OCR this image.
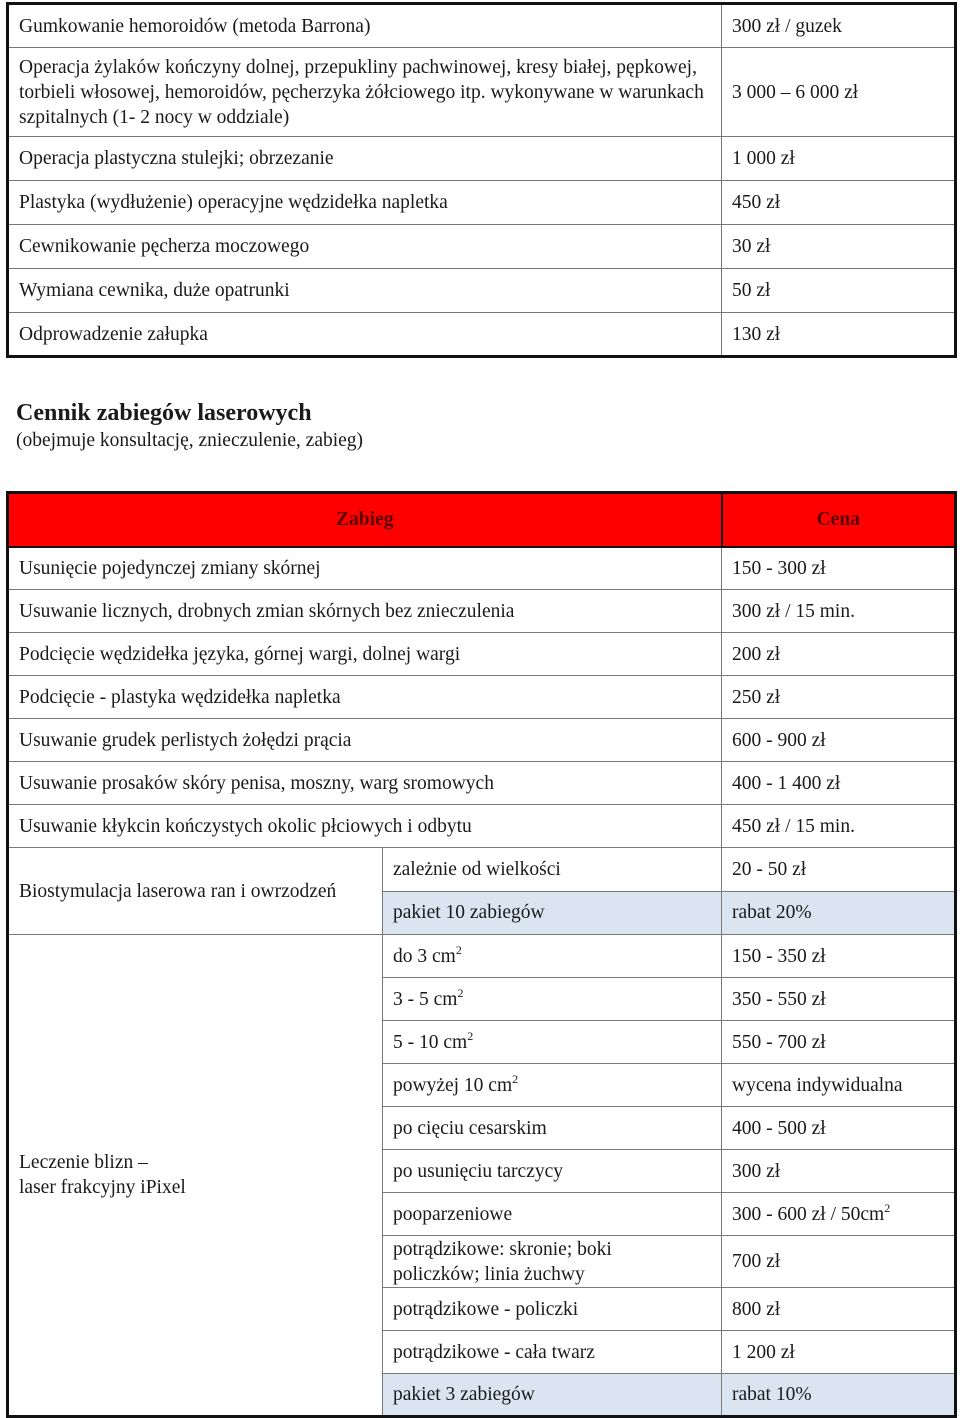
Gumkowanie hemoroidów (metoda Barrona)	300 zł / guzek
Operacja żylaków kończyny dolnej, przepukliny pachwinowej, kresy białej, pępkowej, torbieli włosowej, hemoroidów, pęcherzyka żółciowego itp. wykonywane w warunkach szpitalnych (1- 2 nocy w oddziale)	3 000 – 6 000 zł
Operacja plastyczna stulejki; obrzezanie	1 000 zł
Plastyka (wydłużenie) operacyjne wędzidełka napletka	450 zł
Cewnikowanie pęcherza moczowego	30 zł
Wymiana cewnika, duże opatrunki	50 zł
Odprowadzenie załupka	130 zł
Cennik zabiegów laserowych

(obejmuje konsultację, znieczulenie, zabieg)

Zabieg		Cena
Usunięcie pojedynczej zmiany skórnej		150 - 300 zł
Usuwanie licznych, drobnych zmian skórnych bez znieczulenia		300 zł / 15 min.
Podcięcie wędzidełka języka, górnej wargi, dolnej wargi		200 zł
Podcięcie - plastyka wędzidełka napletka		250 zł
Usuwanie grudek perlistych żołędzi prącia		600 - 900 zł
Usuwanie prosaków skóry penisa, moszny, warg sromowych		400 - 1 400 zł
Usuwanie kłykcin kończystych okolic płciowych i odbytu		450 zł / 15 min.

Biostymulacja laserowa ran i owrzodzeń	zależnie od wielkości	20 - 50 zł
	pakiet 10 zabiegów	rabat 20%

Leczenie blizn –
laser frakcyjny iPixel	do 3 $cm^2$	150 - 350 zł
	3 - 5 $cm^2$	350 - 550 zł
	5 - 10 $cm^2$	550 - 700 zł
	powyżej 10 $cm^2$	wycena indywidualna
	po cięciu cesarskim	400 - 500 zł
	po usunięciu tarczycy	300 zł
	pooparzeniowe	300 - 600 zł / $50cm^2$

	potrądzikowe: skronie; boki
policzków; linia żuchwy	700 zł
	potrądzikowe - policzki	800 zł
	potrądzikowe - cała twarz	1 200 zł
	pakiet 3 zabiegów	rabat 10%
